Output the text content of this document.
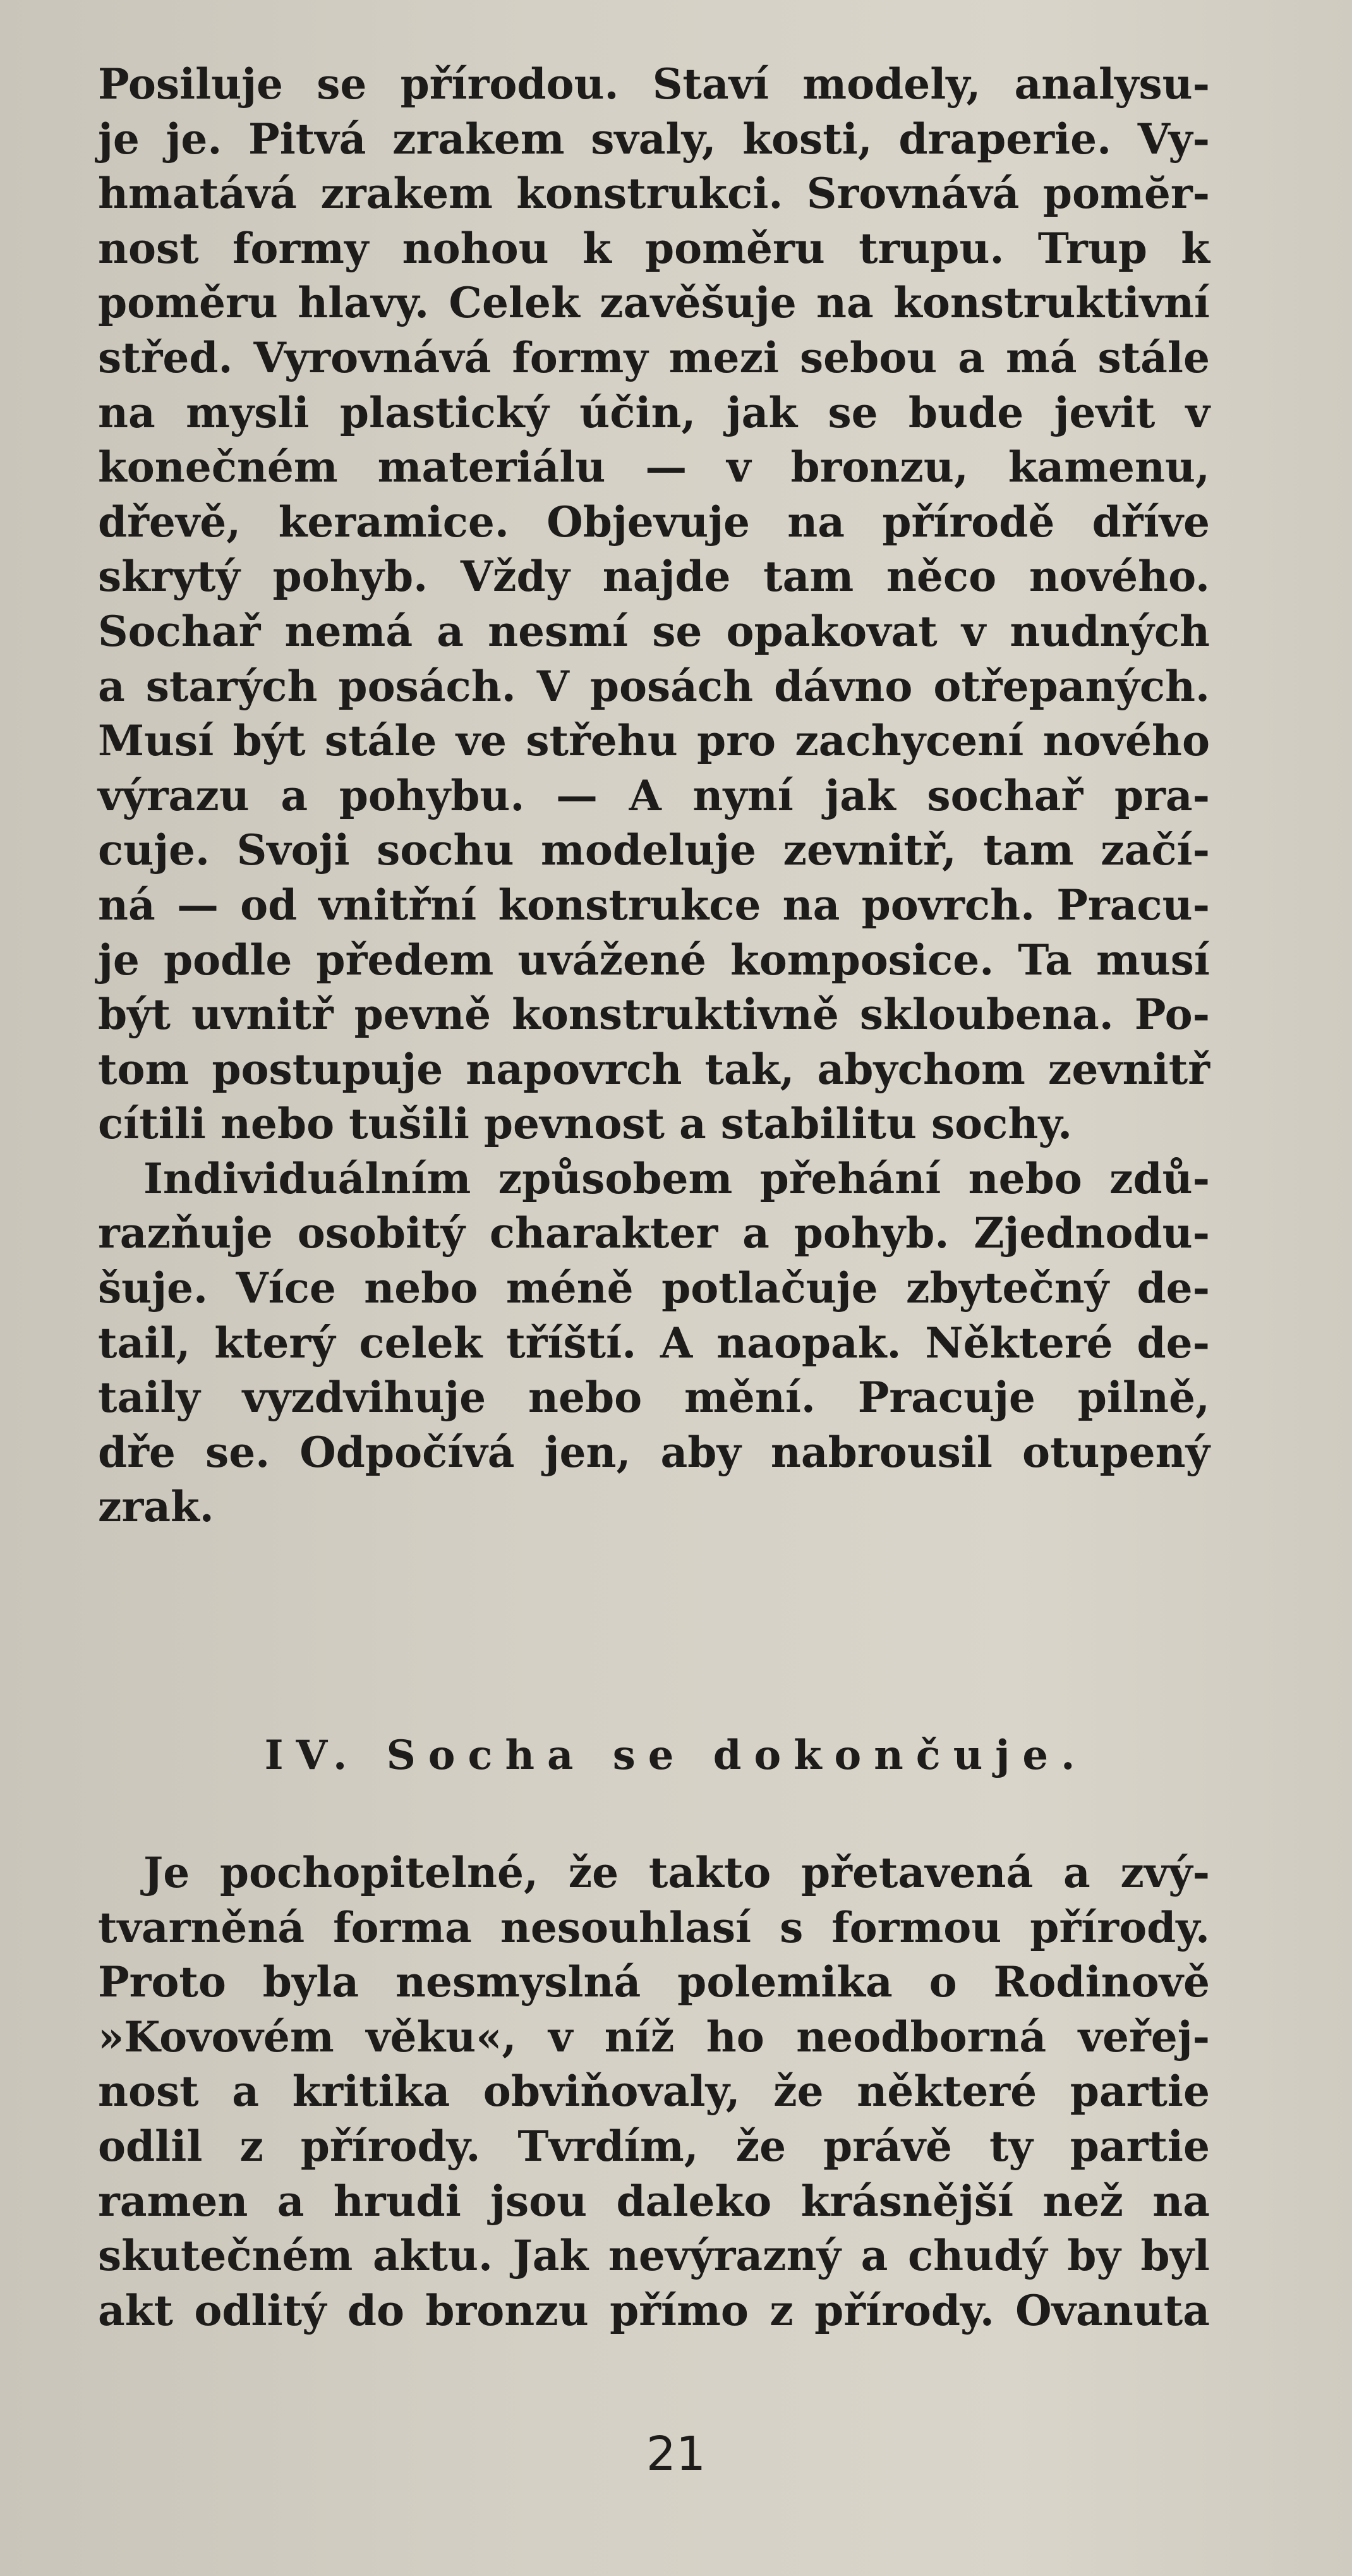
Posiluje se přírodou. Staví modely, analysu-
je je. Pitvá zrakem svaly, kosti, draperie. Vy-
hmatává zrakem konstrukci. Srovnává pomĕr-
nost formy nohou k poměru trupu. Trup k
poměru hlavy. Celek zavěšuje na konstruktivní
střed. Vyrovnává formy mezi sebou a má stále
na mysli plastický účin, jak se bude jevit v
konečném materiálu — v bronzu, kamenu,
dřevě, keramice. Objevuje na přírodě dříve
skrytý pohyb. Vždy najde tam něco nového.
Sochař nemá a nesmí se opakovat v nudných
a starých posách. V posách dávno otřepaných.
Musí být stále ve střehu pro zachycení nového
výrazu a pohybu. — A nyní jak sochař pra-
cuje. Svoji sochu modeluje zevnitř, tam začí-
ná — od vnitřní konstrukce na povrch. Pracu-
je podle předem uvážené komposice. Ta musí
být uvnitř pevně konstruktivně skloubena. Po-
tom postupuje napovrch tak, abychom zevnitř
cítili nebo tušili pevnost a stabilitu sochy.
Individuálním způsobem přehání nebo zdů-
razňuje osobitý charakter a pohyb. Zjednodu-
šuje. Více nebo méně potlačuje zbytečný de-
tail, který celek tříští. A naopak. Některé de-
taily vyzdvihuje nebo mění. Pracuje pilně,
dře se. Odpočívá jen, aby nabrousil otupený
zrak.
IV. Socha se dokončuje.
Je pochopitelné, že takto přetavená a zvý-
tvarněná forma nesouhlasí s formou přírody.
Proto byla nesmyslná polemika o Rodinově
»Kovovém věku«, v níž ho neodborná veřej-
nost a kritika obviňovaly, že některé partie
odlil z přírody. Tvrdím, že právě ty partie
ramen a hrudi jsou daleko krásnější než na
skutečném aktu. Jak nevýrazný a chudý by byl
akt odlitý do bronzu přímo z přírody. Ovanuta
21
